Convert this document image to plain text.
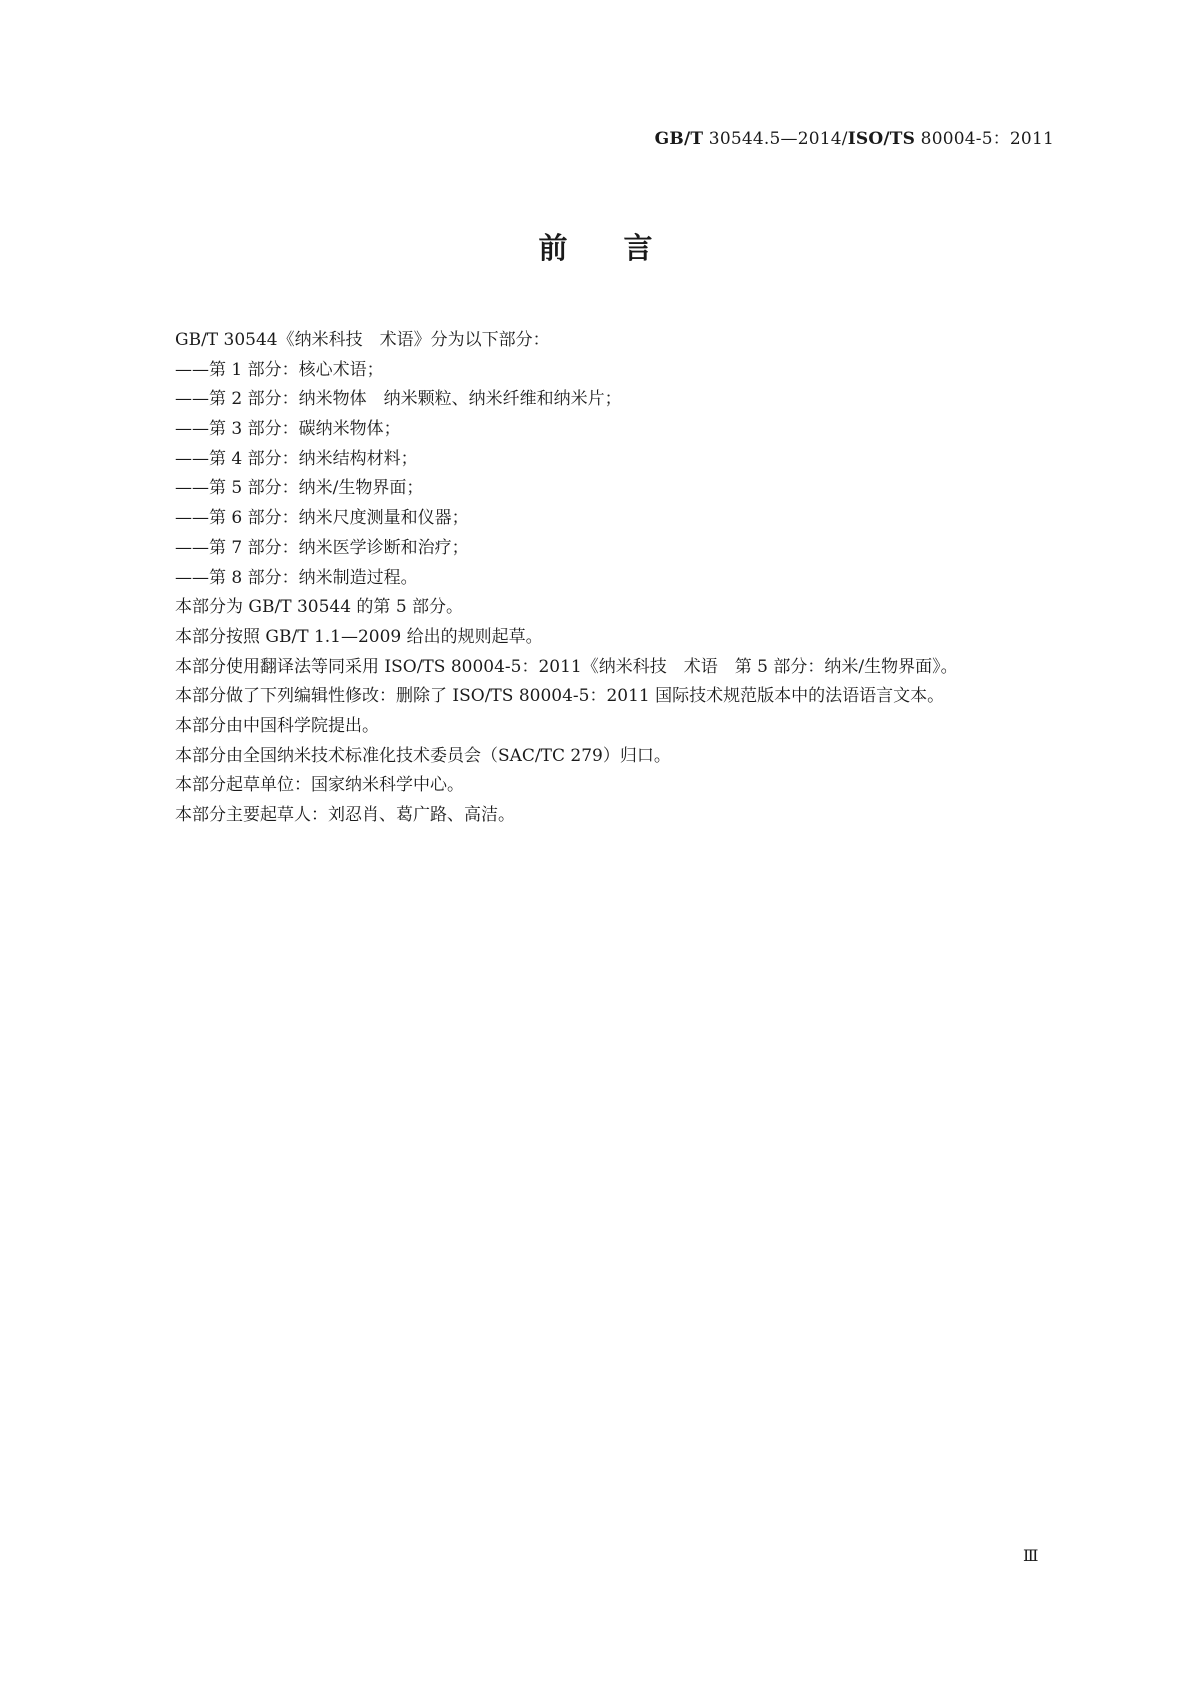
GB/T 30544.5—2014/ISO/TS 80004-5：2011
前 言
GB/T 30544《纳米科技　术语》分为以下部分：
——第 1 部分：核心术语；
——第 2 部分：纳米物体　纳米颗粒、纳米纤维和纳米片；
——第 3 部分：碳纳米物体；
——第 4 部分：纳米结构材料；
——第 5 部分：纳米/生物界面；
——第 6 部分：纳米尺度测量和仪器；
——第 7 部分：纳米医学诊断和治疗；
——第 8 部分：纳米制造过程。
本部分为 GB/T 30544 的第 5 部分。
本部分按照 GB/T 1.1—2009 给出的规则起草。
本部分使用翻译法等同采用 ISO/TS 80004-5：2011《纳米科技　术语　第 5 部分：纳米/生物界面》。
本部分做了下列编辑性修改：删除了 ISO/TS 80004-5：2011 国际技术规范版本中的法语语言文本。
本部分由中国科学院提出。
本部分由全国纳米技术标准化技术委员会（SAC/TC 279）归口。
本部分起草单位：国家纳米科学中心。
本部分主要起草人：刘忍肖、葛广路、高洁。
Ⅲ
